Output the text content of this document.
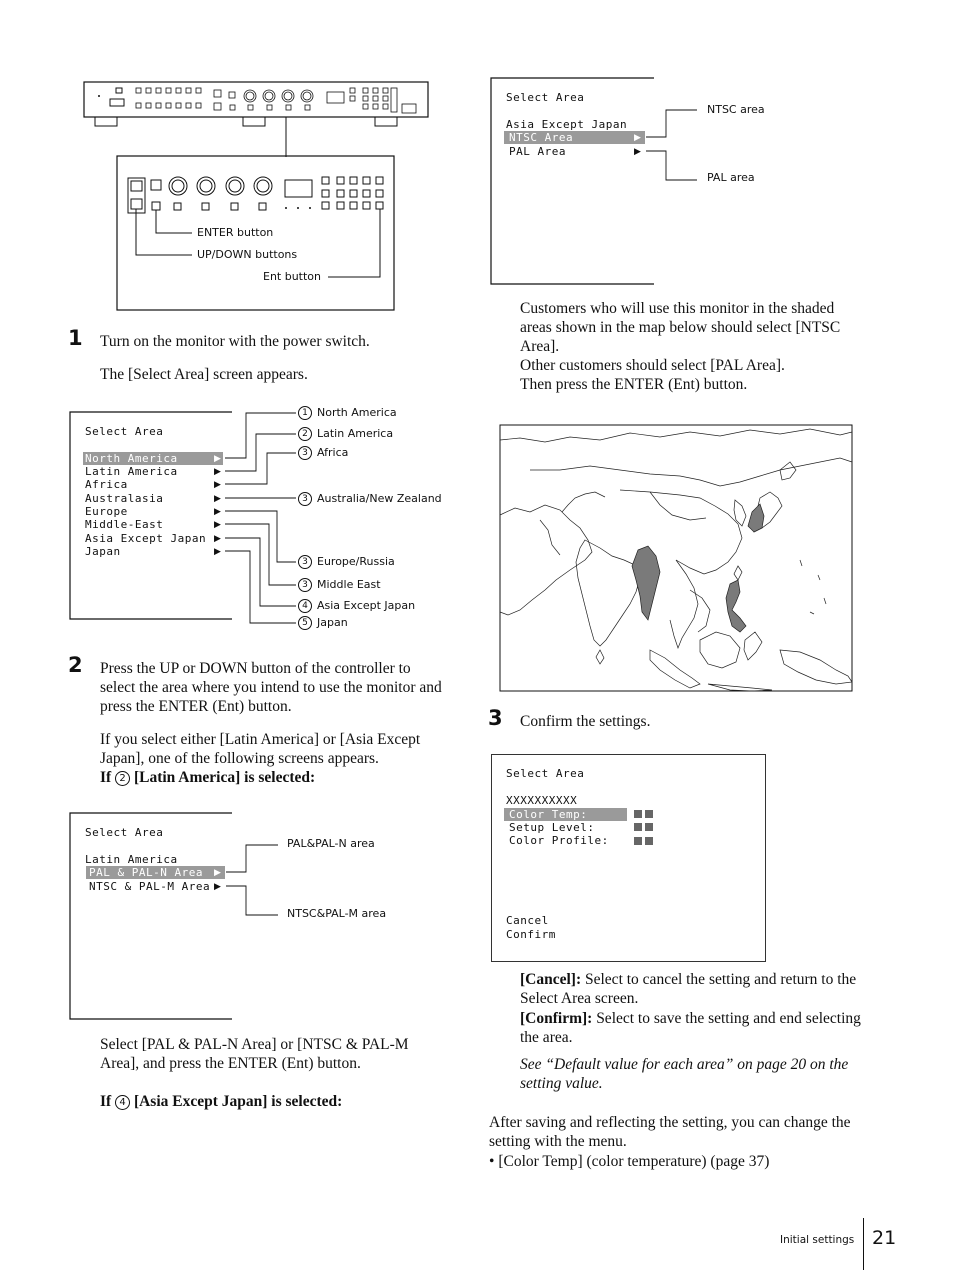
ENTER button
UP/DOWN buttons
Ent button
1 Turn on the monitor with the power switch.
The [Select Area] screen appears.
Select Area
North America
Latin America
Africa
Australasia
Europe
Middle-East
Asia Except Japan
Japan
▶
▶
▶
▶
▶
▶
▶
▶
1 North America
2 Latin America
3 Africa
3 Australia/New Zealand
3 Europe/Russia
3 Middle East
4 Asia Except Japan
5 Japan
2 Press the UP or DOWN button of the controller to select the area where you intend to use the monitor and press the ENTER (Ent) button.
If you select either [Latin America] or [Asia Except Japan], one of the following screens appears.
If 2 [Latin America] is selected:
Select Area
Latin America
PAL & PAL-N Area
NTSC & PAL-M Area
▶
▶
PAL&PAL-N area
NTSC&PAL-M area
Select [PAL & PAL-N Area] or [NTSC & PAL-M Area], and press the ENTER (Ent) button.
If 4 [Asia Except Japan] is selected:
Select Area
Asia Except Japan
NTSC Area
PAL Area
▶
▶
NTSC area
PAL area
Customers who will use this monitor in the shaded areas shown in the map below should select [NTSC Area].
Other customers should select [PAL Area].
Then press the ENTER (Ent) button.
3 Confirm the settings.
Select Area
XXXXXXXXXX
Color Temp:
Setup Level:
Color Profile:
Cancel
Confirm
[Cancel]: Select to cancel the setting and return to the Select Area screen.
[Confirm]: Select to save the setting and end selecting the area.
See “Default value for each area” on page 20 on the setting value.
After saving and reflecting the setting, you can change the setting with the menu.
• [Color Temp] (color temperature) (page 37)
Initial settings 21
